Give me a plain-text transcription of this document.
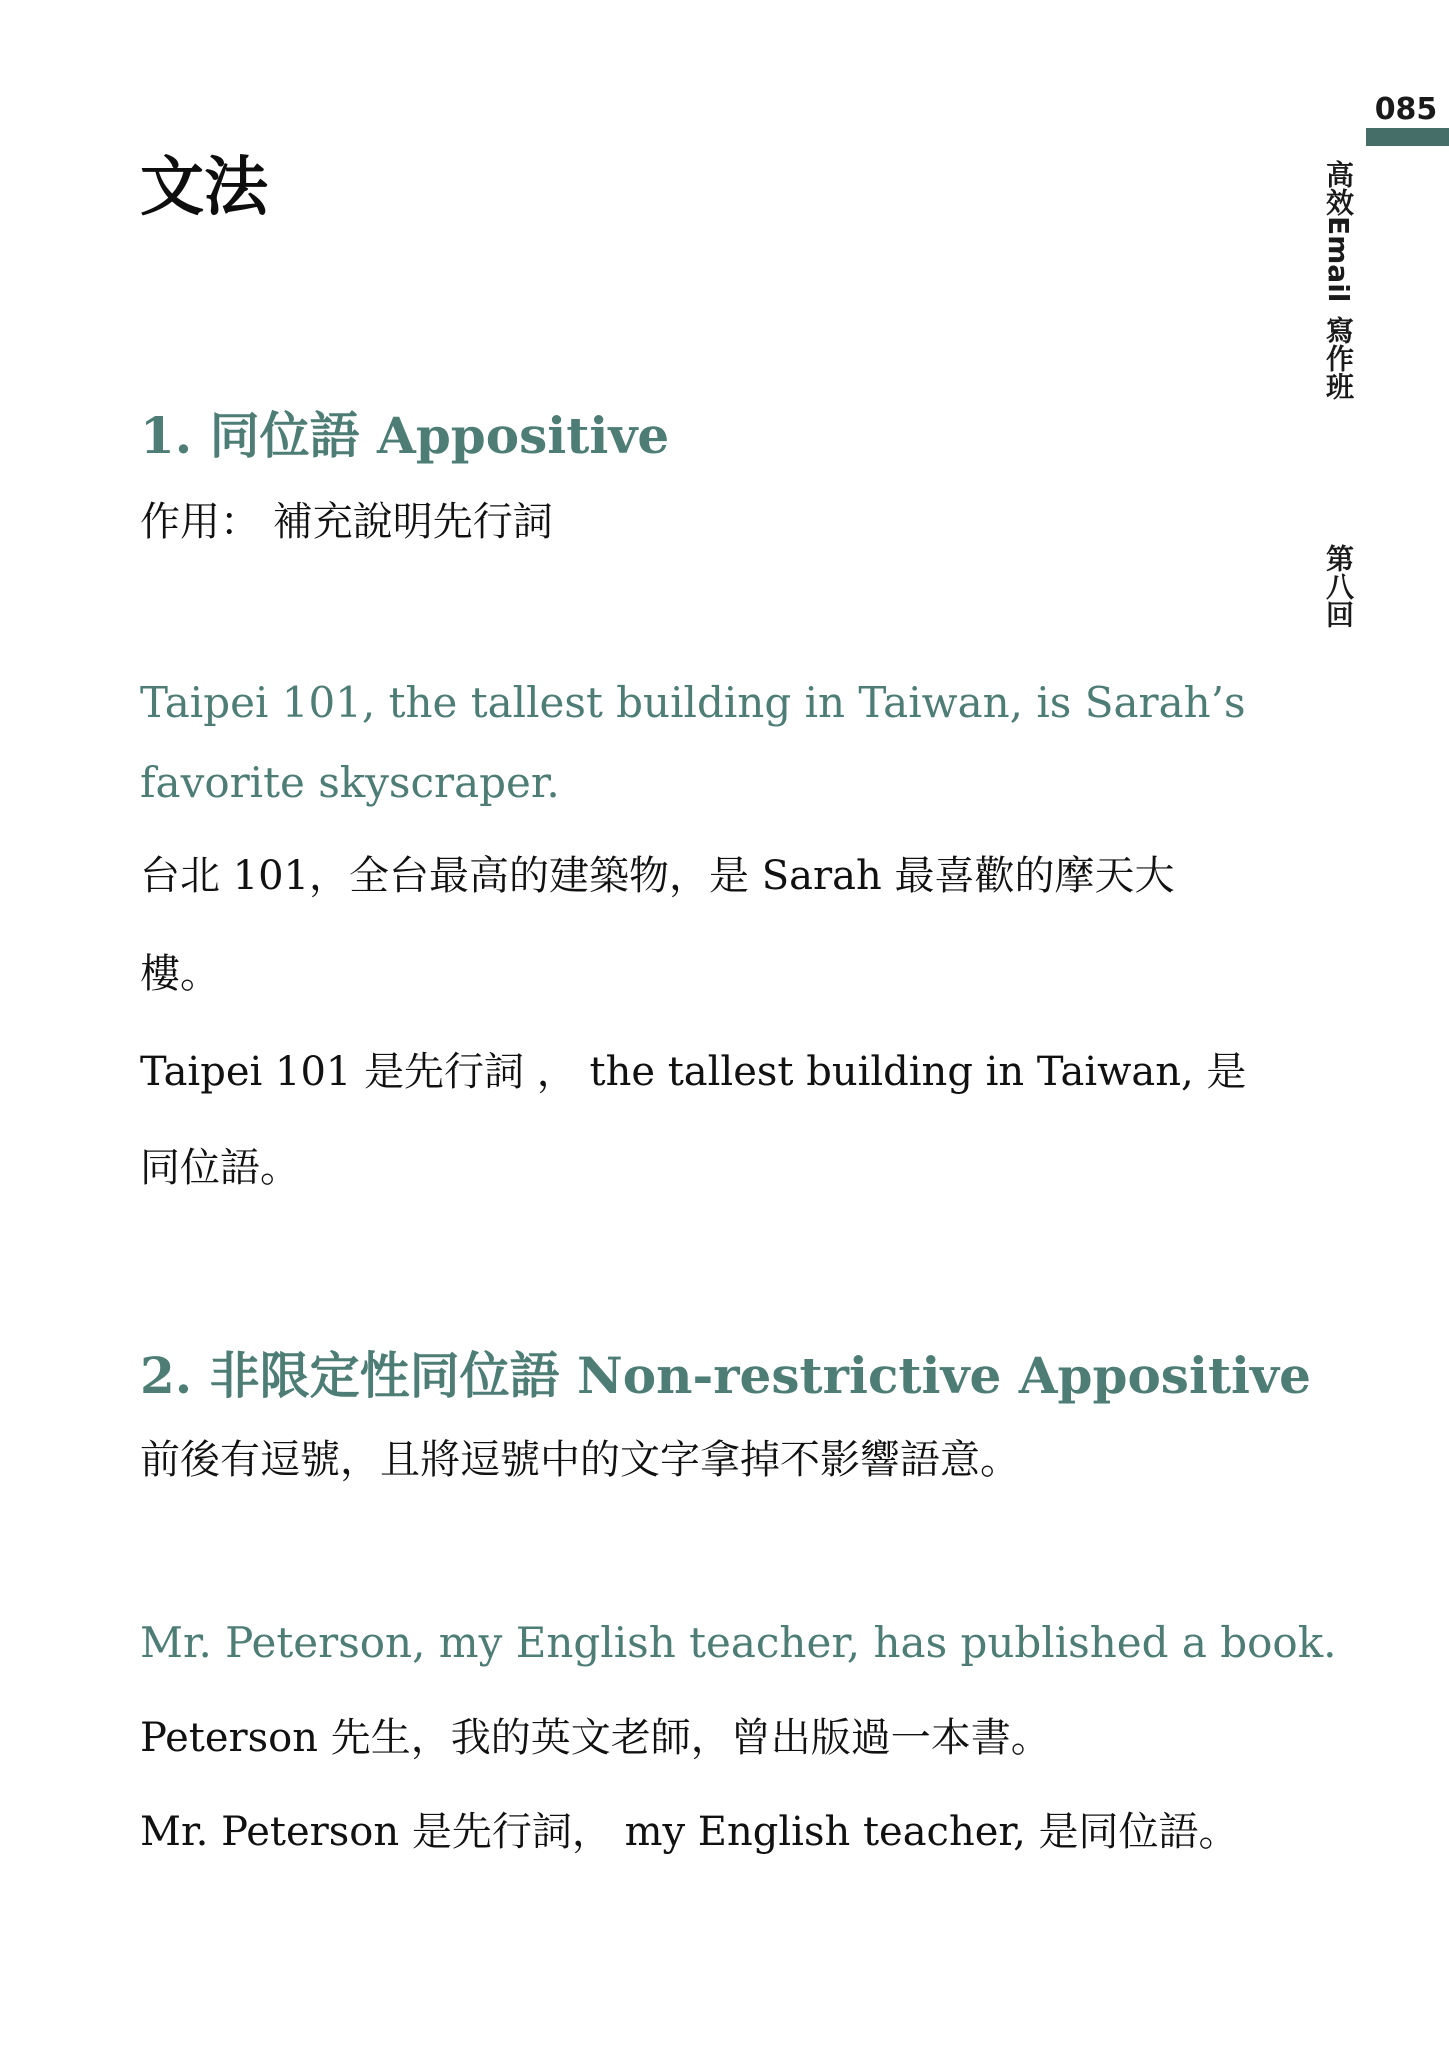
085
高效Email寫作班
第八回
文法
1. 同位語 Appositive

作用： 補充說明先行詞

Taipei 101, the tallest building in Taiwan, is Sarah’s

favorite skyscraper.

台北 101，全台最高的建築物，是 Sarah 最喜歡的摩天大

樓。

Taipei 101 是先行詞 ， the tallest building in Taiwan, 是

同位語。

2. 非限定性同位語 Non-restrictive Appositive

前後有逗號，且將逗號中的文字拿掉不影響語意。

Mr. Peterson, my English teacher, has published a book.

Peterson 先生，我的英文老師，曾出版過一本書。

Mr. Peterson 是先行詞， my English teacher, 是同位語。
